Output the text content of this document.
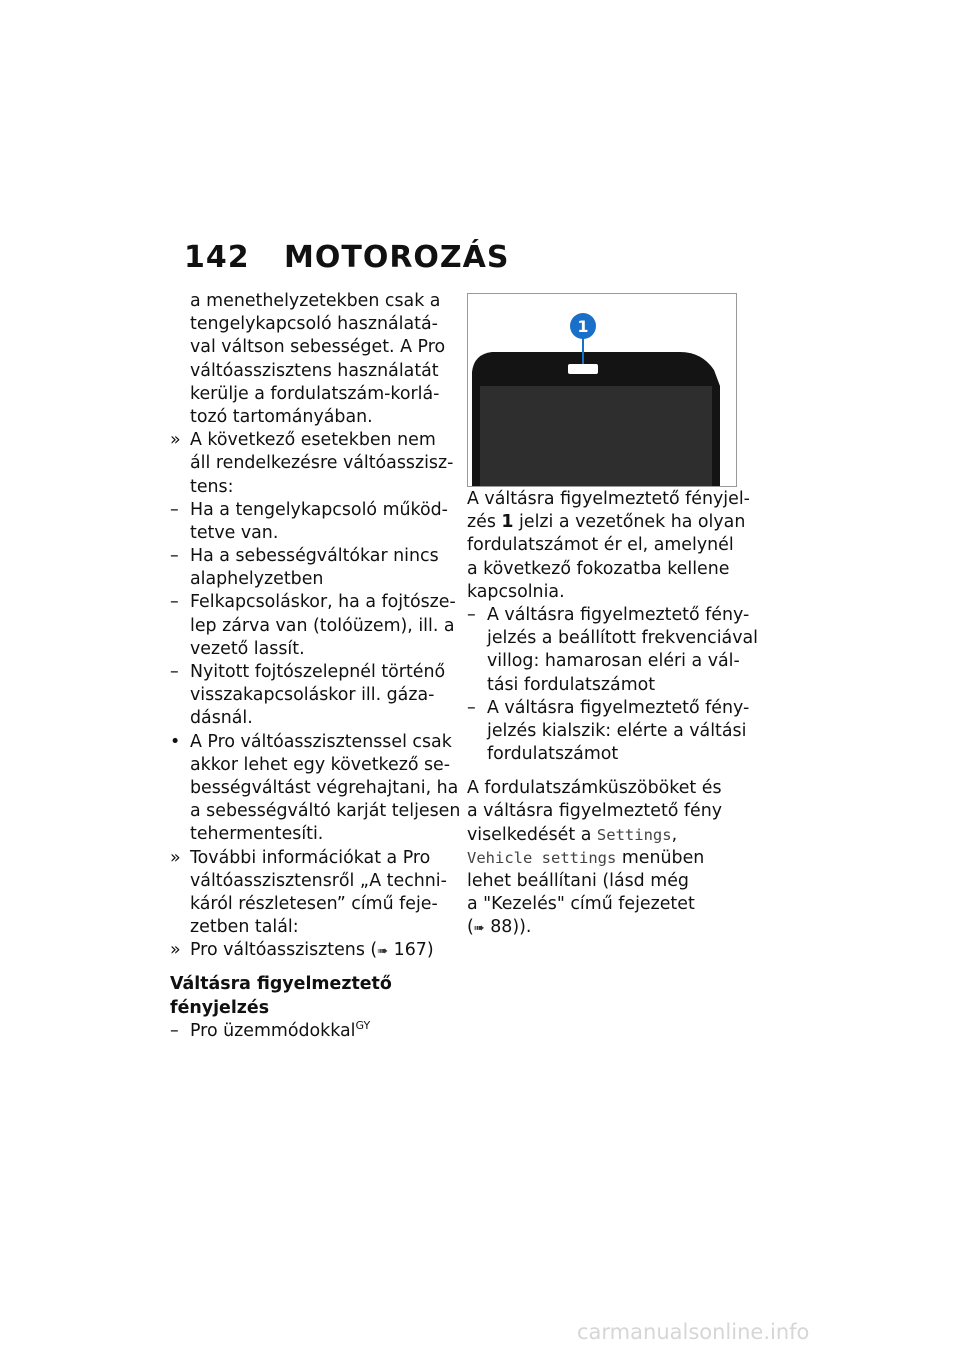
142 MOTOROZÁS
a menethelyzetekben csak a
tengelykapcsoló használatá-
val váltson sebességet. A Pro
váltóasszisztens használatát
kerülje a fordulatszám-korlá-
tozó tartományában.
» A következő esetekben nem
áll rendelkezésre váltóasszisz-
tens:
– Ha a tengelykapcsoló működ-
tetve van.
– Ha a sebességváltókar nincs
alaphelyzetben
– Felkapcsoláskor, ha a fojtósze-
lep zárva van (tolóüzem), ill. a
vezető lassít.
– Nyitott fojtószelepnél történő
visszakapcsoláskor ill. gáza-
dásnál.
• A Pro váltóasszisztenssel csak
akkor lehet egy következő se-
bességváltást végrehajtani, ha
a sebességváltó karját teljesen
tehermentesíti.
» További információkat a Pro
váltóasszisztensről „A techni-
káról részletesen” című feje-
zetben talál:
» Pro váltóasszisztens (➠ 167)
Váltásra figyelmeztető
fényjelzés
– Pro üzemmódokkal$^{GY}$
1
A váltásra figyelmeztető fényjel-
zés 1 jelzi a vezetőnek ha olyan
fordulatszámot ér el, amelynél
a következő fokozatba kellene
kapcsolnia.
– A váltásra figyelmeztető fény-
jelzés a beállított frekvenciával
villog: hamarosan eléri a vál-
tási fordulatszámot
– A váltásra figyelmeztető fény-
jelzés kialszik: elérte a váltási
fordulatszámot
A fordulatszámküszöböket és
a váltásra figyelmeztető fény
viselkedését a Settings,
Vehicle settings menüben
lehet beállítani (lásd még
a "Kezelés" című fejezetet
(➠ 88)).
carmanualsonline.info
